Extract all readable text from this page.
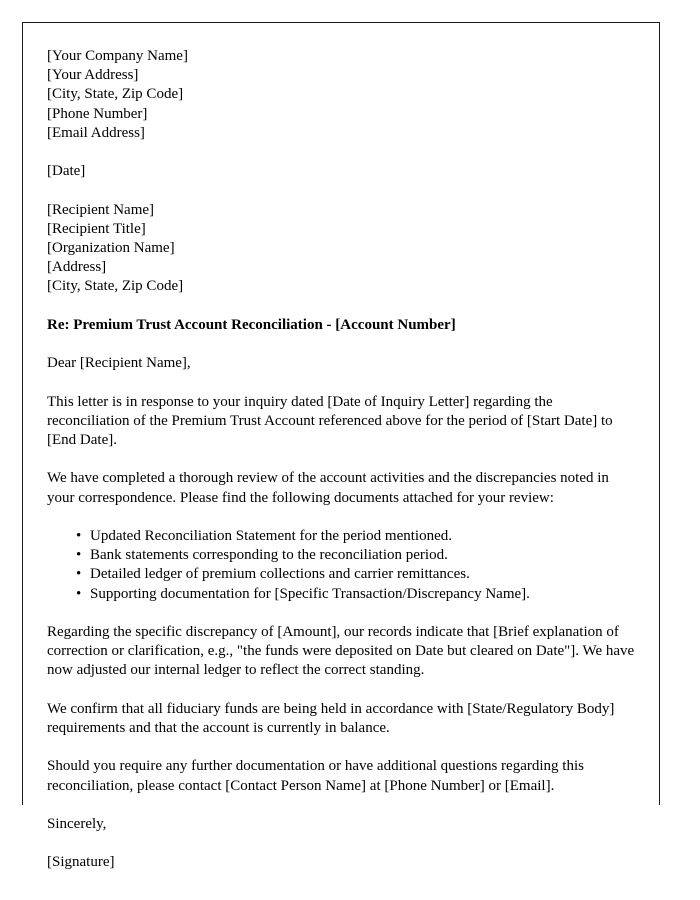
[Your Company Name]
[Your Address]
[City, State, Zip Code]
[Phone Number]
[Email Address]
[Date]
[Recipient Name]
[Recipient Title]
[Organization Name]
[Address]
[City, State, Zip Code]

Re: Premium Trust Account Reconciliation - [Account Number]

Dear [Recipient Name],

This letter is in response to your inquiry dated [Date of Inquiry Letter] regarding the reconciliation of the Premium Trust Account referenced above for the period of [Start Date] to [End Date].

We have completed a thorough review of the account activities and the discrepancies noted in your correspondence. Please find the following documents attached for your review:

• Updated Reconciliation Statement for the period mentioned.
• Bank statements corresponding to the reconciliation period.
• Detailed ledger of premium collections and carrier remittances.
• Supporting documentation for [Specific Transaction/Discrepancy Name].

Regarding the specific discrepancy of [Amount], our records indicate that [Brief explanation of correction or clarification, e.g., "the funds were deposited on Date but cleared on Date"]. We have now adjusted our internal ledger to reflect the correct standing.

We confirm that all fiduciary funds are being held in accordance with [State/Regulatory Body] requirements and that the account is currently in balance.

Should you require any further documentation or have additional questions regarding this reconciliation, please contact [Contact Person Name] at [Phone Number] or [Email].

Sincerely,

[Signature]
